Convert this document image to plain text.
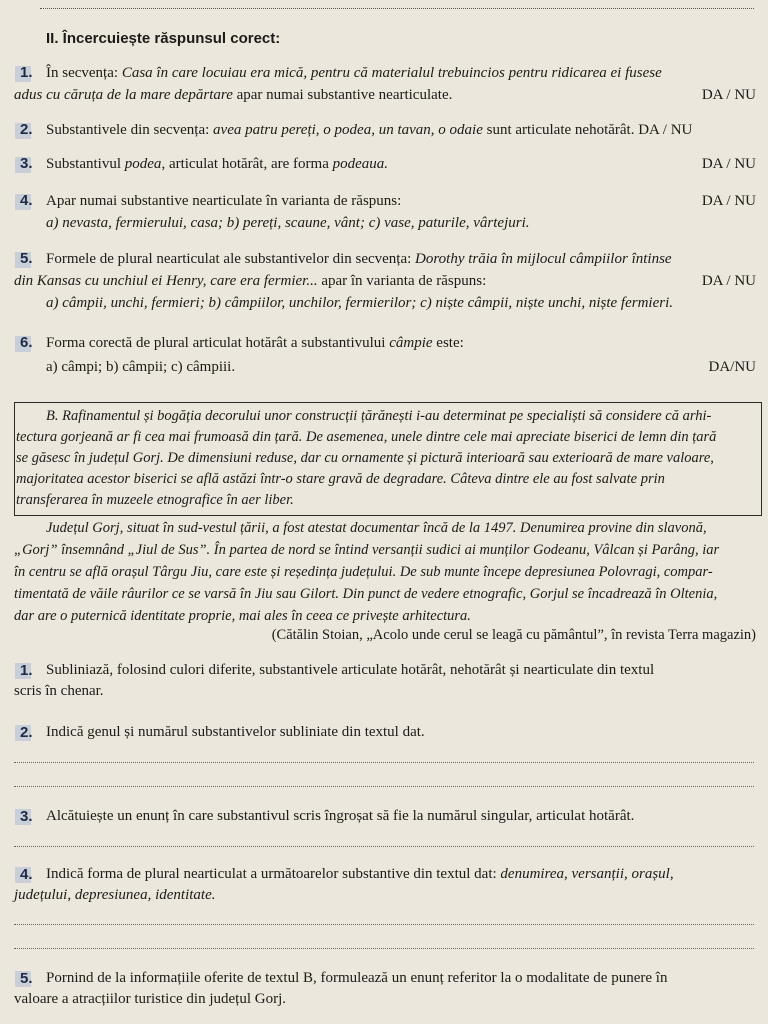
II. Încercuiește răspunsul corect:
1. În secvența: Casa în care locuiau era mică, pentru că materialul trebuincios pentru ridicarea ei fusese
adus cu căruța de la mare depărtare apar numai substantive nearticulate.	DA / NU
2. Substantivele din secvența: avea patru pereți, o podea, un tavan, o odaie sunt articulate nehotărât. DA / NU
3. Substantivul podea, articulat hotărât, are forma podeaua.	DA / NU
4. Apar numai substantive nearticulate în varianta de răspuns:	DA / NU
a) nevasta, fermierului, casa; b) pereți, scaune, vânt; c) vase, paturile, vârtejuri.
5. Formele de plural nearticulat ale substantivelor din secvența: Dorothy trăia în mijlocul câmpiilor întinse
din Kansas cu unchiul ei Henry, care era fermier... apar în varianta de răspuns:	DA / NU
a) câmpii, unchi, fermieri; b) câmpiilor, unchilor, fermierilor; c) niște câmpii, niște unchi, niște fermieri.
6. Forma corectă de plural articulat hotărât a substantivului câmpie este:
a) câmpi; b) câmpii; c) câmpiii.	DA/NU
B. Rafinamentul și bogăția decorului unor construcții țărănești i-au determinat pe specialiști să considere că arhi-
tectura gorjeană ar fi cea mai frumoasă din țară. De asemenea, unele dintre cele mai apreciate biserici de lemn din țară
se găsesc în județul Gorj. De dimensiuni reduse, dar cu ornamente și pictură interioară sau exterioară de mare valoare,
majoritatea acestor biserici se află astăzi într-o stare gravă de degradare. Câteva dintre ele au fost salvate prin
transferarea în muzeele etnografice în aer liber.
Județul Gorj, situat în sud-vestul țării, a fost atestat documentar încă de la 1497. Denumirea provine din slavonă,
„Gorj” însemnând „Jiul de Sus”. În partea de nord se întind versanții sudici ai munților Godeanu, Vâlcan și Parâng, iar
în centru se află orașul Târgu Jiu, care este și reședința județului. De sub munte începe depresiunea Polovragi, compar-
timentată de văile râurilor ce se varsă în Jiu sau Gilort. Din punct de vedere etnografic, Gorjul se încadrează în Oltenia,
dar are o puternică identitate proprie, mai ales în ceea ce privește arhitectura.
(Cătălin Stoian, „Acolo unde cerul se leagă cu pământul”, în revista Terra magazin)
1. Subliniază, folosind culori diferite, substantivele articulate hotărât, nehotărât și nearticulate din textul
scris în chenar.
2. Indică genul și numărul substantivelor subliniate din textul dat.
3. Alcătuiește un enunț în care substantivul scris îngroșat să fie la numărul singular, articulat hotărât.
4. Indică forma de plural nearticulat a următoarelor substantive din textul dat: denumirea, versanții, orașul,
județului, depresiunea, identitate.
5. Pornind de la informațiile oferite de textul B, formulează un enunț referitor la o modalitate de punere în
valoare a atracțiilor turistice din județul Gorj.
